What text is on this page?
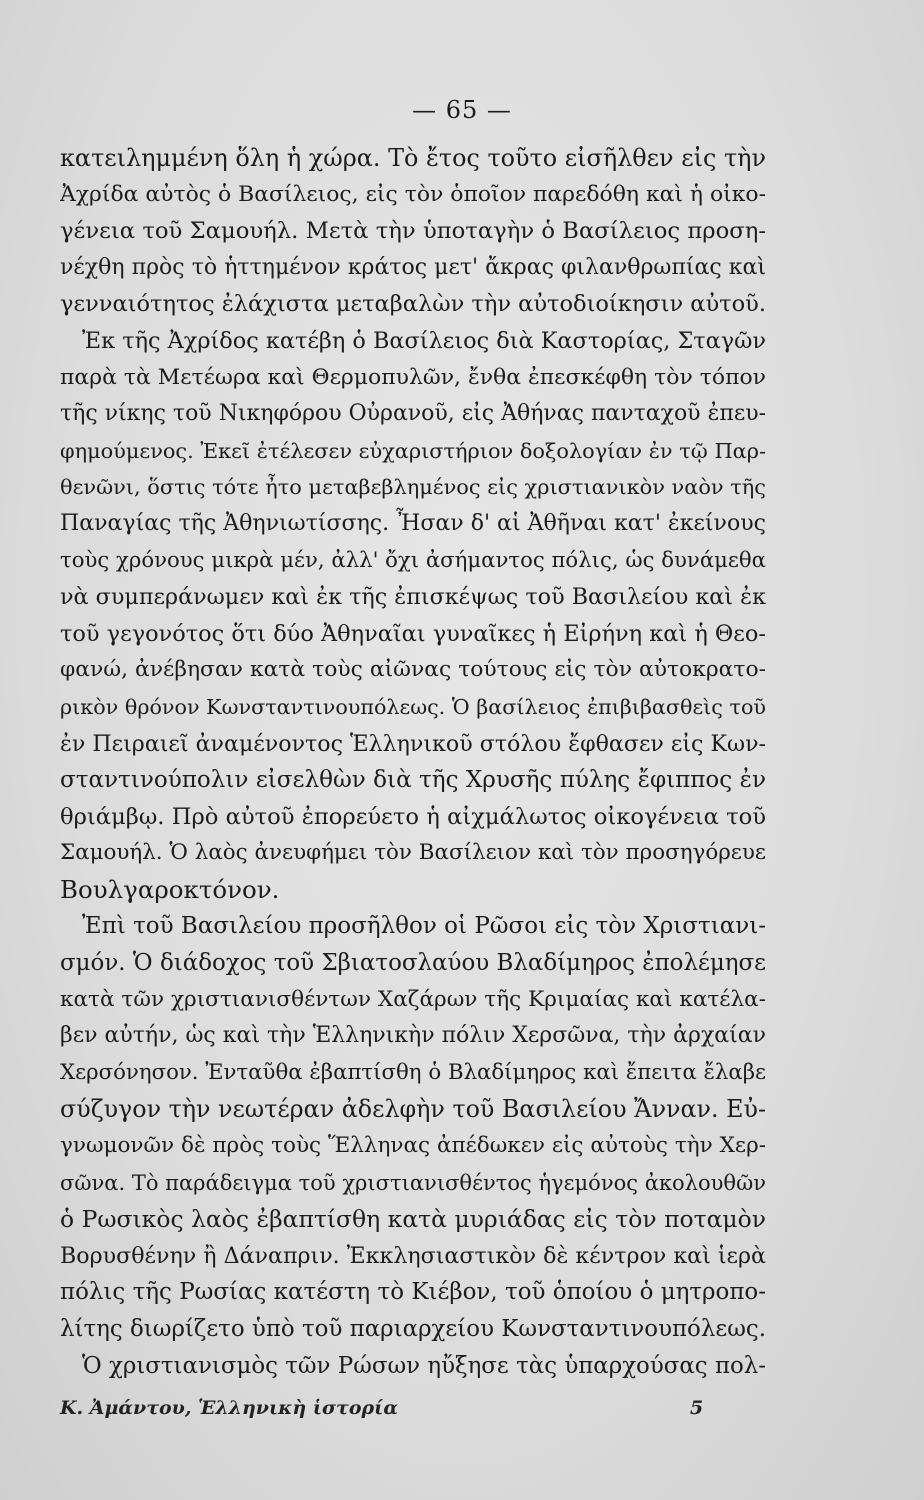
— 65 —
κατειλημμένη ὅλη ἡ χώρα. Τὸ ἔτος τοῦτο εἰσῆλθεν εἰς τὴν
Ἀχρίδα αὐτὸς ὁ Βασίλειος, εἰς τὸν ὁποῖον παρεδόθη καὶ ἡ οἰκο-
γένεια τοῦ Σαμουήλ. Μετὰ τὴν ὑποταγὴν ὁ Βασίλειος προση-
νέχθη πρὸς τὸ ἡττημένον κράτος μετ' ἄκρας φιλανθρωπίας καὶ
γενναιότητος ἐλάχιστα μεταβαλὼν τὴν αὐτοδιοίκησιν αὐτοῦ.
Ἐκ τῆς Ἀχρίδος κατέβη ὁ Βασίλειος διὰ Καστορίας, Σταγῶν
παρὰ τὰ Μετέωρα καὶ Θερμοπυλῶν, ἔνθα ἐπεσκέφθη τὸν τόπον
τῆς νίκης τοῦ Νικηφόρου Οὐρανοῦ, εἰς Ἀθήνας πανταχοῦ ἐπευ-
φημούμενος. Ἐκεῖ ἐτέλεσεν εὐχαριστήριον δοξολογίαν ἐν τῷ Παρ-
θενῶνι, ὅστις τότε ἦτο μεταβεβλημένος εἰς χριστιανικὸν ναὸν τῆς
Παναγίας τῆς Ἀθηνιωτίσσης. Ἦσαν δ' αἱ Ἀθῆναι κατ' ἐκείνους
τοὺς χρόνους μικρὰ μέν, ἀλλ' ὄχι ἀσήμαντος πόλις, ὡς δυνάμεθα
νὰ συμπεράνωμεν καὶ ἐκ τῆς ἐπισκέψως τοῦ Βασιλείου καὶ ἐκ
τοῦ γεγονότος ὅτι δύο Ἀθηναῖαι γυναῖκες ἡ Εἰρήνη καὶ ἡ Θεο-
φανώ, ἀνέβησαν κατὰ τοὺς αἰῶνας τούτους εἰς τὸν αὐτοκρατο-
ρικὸν θρόνον Κωνσταντινουπόλεως. Ὁ βασίλειος ἐπιβιβασθεὶς τοῦ
ἐν Πειραιεῖ ἀναμένοντος Ἑλληνικοῦ στόλου ἔφθασεν εἰς Κων-
σταντινούπολιν εἰσελθὼν διὰ τῆς Χρυσῆς πύλης ἔφιππος ἐν
θριάμβῳ. Πρὸ αὐτοῦ ἐπορεύετο ἡ αἰχμάλωτος οἰκογένεια τοῦ
Σαμουήλ. Ὁ λαὸς ἀνευφήμει τὸν Βασίλειον καὶ τὸν προσηγόρευε
Βουλγαροκτόνον.
Ἐπὶ τοῦ Βασιλείου προσῆλθον οἱ Ρῶσοι εἰς τὸν Χριστιανι-
σμόν. Ὁ διάδοχος τοῦ Σβιατοσλαύου Βλαδίμηρος ἐπολέμησε
κατὰ τῶν χριστιανισθέντων Χαζάρων τῆς Κριμαίας καὶ κατέλα-
βεν αὐτήν, ὡς καὶ τὴν Ἑλληνικὴν πόλιν Χερσῶνα, τὴν ἀρχαίαν
Χερσόνησον. Ἐνταῦθα ἐβαπτίσθη ὁ Βλαδίμηρος καὶ ἔπειτα ἔλαβε
σύζυγον τὴν νεωτέραν ἀδελφὴν τοῦ Βασιλείου Ἄνναν. Εὐ-
γνωμονῶν δὲ πρὸς τοὺς Ἕλληνας ἀπέδωκεν εἰς αὐτοὺς τὴν Χερ-
σῶνα. Τὸ παράδειγμα τοῦ χριστιανισθέντος ἡγεμόνος ἀκολουθῶν
ὁ Ρωσικὸς λαὸς ἐβαπτίσθη κατὰ μυριάδας εἰς τὸν ποταμὸν
Βορυσθένην ἢ Δάναπριν. Ἐκκλησιαστικὸν δὲ κέντρον καὶ ἱερὰ
πόλις τῆς Ρωσίας κατέστη τὸ Κιέβον, τοῦ ὁποίου ὁ μητροπο-
λίτης διωρίζετο ὑπὸ τοῦ παριαρχείου Κωνσταντινουπόλεως.
Ὁ χριστιανισμὸς τῶν Ρώσων ηὔξησε τὰς ὑπαρχούσας πολ-
Κ. Ἀμάντου, Ἑλληνικὴ ἱστορία	5
